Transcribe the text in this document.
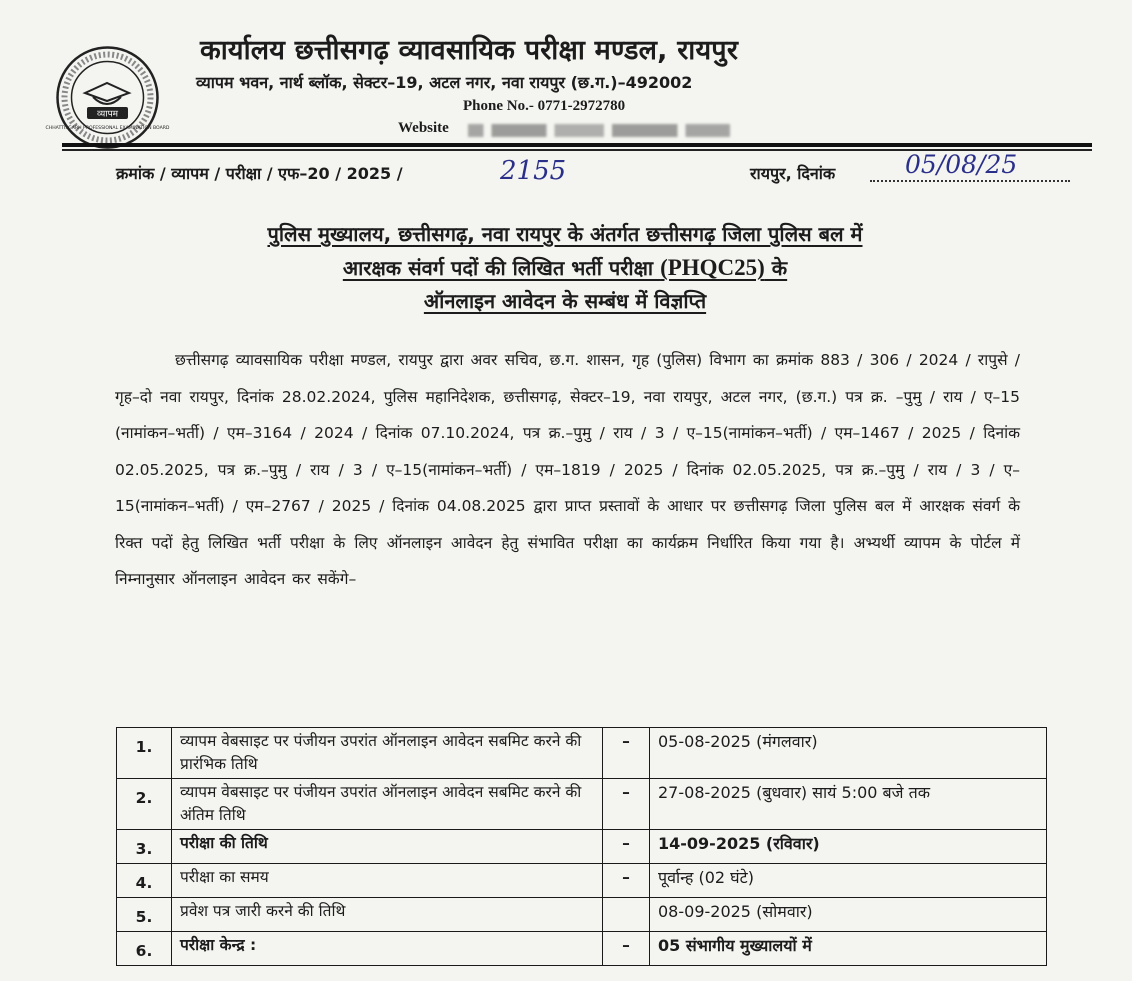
व्यापम
CHHATTISGARH PROFESSIONAL EXAMINATION BOARD
कार्यालय छत्तीसगढ़ व्यावसायिक परीक्षा मण्डल, रायपुर
व्यापम भवन, नार्थ ब्लॉक, सेक्टर–19, अटल नगर, नवा रायपुर (छ.ग.)–492002
Phone No.- 0771-2972780
Website
क्रमांक / व्यापम / परीक्षा / एफ–20 / 2025 /	2155	रायपुर, दिनांक	05/08/25
पुलिस मुख्यालय, छत्तीसगढ़, नवा रायपुर के अंतर्गत छत्तीसगढ़ जिला पुलिस बल में
आरक्षक संवर्ग पदों की लिखित भर्ती परीक्षा (PHQC25) के
ऑनलाइन आवेदन के सम्बंध में विज्ञप्ति
छत्तीसगढ़ व्यावसायिक परीक्षा मण्डल, रायपुर द्वारा अवर सचिव, छ.ग. शासन, गृह (पुलिस) विभाग का क्रमांक 883 / 306 / 2024 / रापुसे / गृह–दो नवा रायपुर, दिनांक 28.02.2024, पुलिस महानिदेशक, छत्तीसगढ़, सेक्टर–19, नवा रायपुर, अटल नगर, (छ.ग.) पत्र क्र. –पुमु / राय / ए–15 (नामांकन–भर्ती) / एम–3164 / 2024 / दिनांक 07.10.2024, पत्र क्र.–पुमु / राय / 3 / ए–15(नामांकन–भर्ती) / एम–1467 / 2025 / दिनांक 02.05.2025, पत्र क्र.–पुमु / राय / 3 / ए–15(नामांकन–भर्ती) / एम–1819 / 2025 / दिनांक 02.05.2025, पत्र क्र.–पुमु / राय / 3 / ए–15(नामांकन–भर्ती) / एम–2767 / 2025 / दिनांक 04.08.2025 द्वारा प्राप्त प्रस्तावों के आधार पर छत्तीसगढ़ जिला पुलिस बल में आरक्षक संवर्ग के रिक्त पदों हेतु लिखित भर्ती परीक्षा के लिए ऑनलाइन आवेदन हेतु संभावित परीक्षा का कार्यक्रम निर्धारित किया गया है। अभ्यर्थी व्यापम के पोर्टल में निम्नानुसार ऑनलाइन आवेदन कर सकेंगे–
1.	व्यापम वेबसाइट पर पंजीयन उपरांत ऑनलाइन आवेदन सबमिट करने की प्रारंभिक तिथि	–	05-08-2025 (मंगलवार)
2.	व्यापम वेबसाइट पर पंजीयन उपरांत ऑनलाइन आवेदन सबमिट करने की अंतिम तिथि	–	27-08-2025 (बुधवार) सायं 5:00 बजे तक
3.	परीक्षा की तिथि	–	14-09-2025 (रविवार)
4.	परीक्षा का समय	–	पूर्वान्ह (02 घंटे)
5.	प्रवेश पत्र जारी करने की तिथि		08-09-2025 (सोमवार)
6.	परीक्षा केन्द्र :	–	05 संभागीय मुख्यालयों में
